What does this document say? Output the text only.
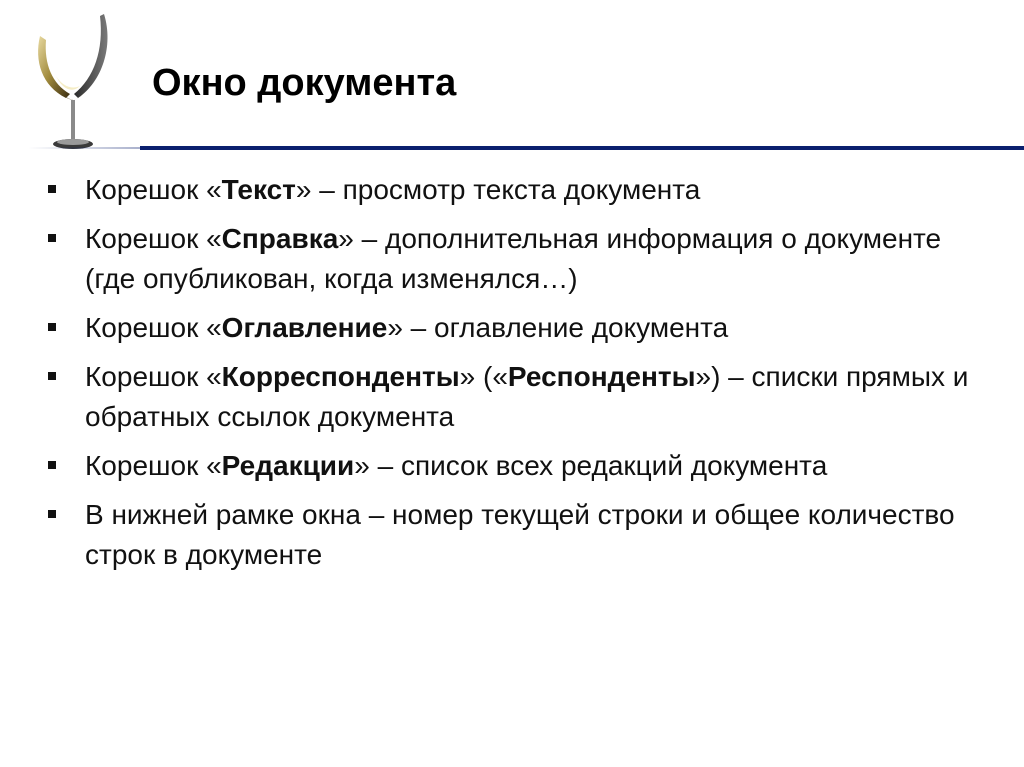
Окно документа
Корешок «Текст» – просмотр текста документа
Корешок «Справка» – дополнительная информация о документе (где опубликован, когда изменялся…)
Корешок «Оглавление» – оглавление документа
Корешок «Корреспонденты» («Респонденты») – списки прямых и обратных ссылок документа
Корешок «Редакции» – список всех редакций документа
В нижней рамке окна – номер текущей строки и общее количество строк в документе
